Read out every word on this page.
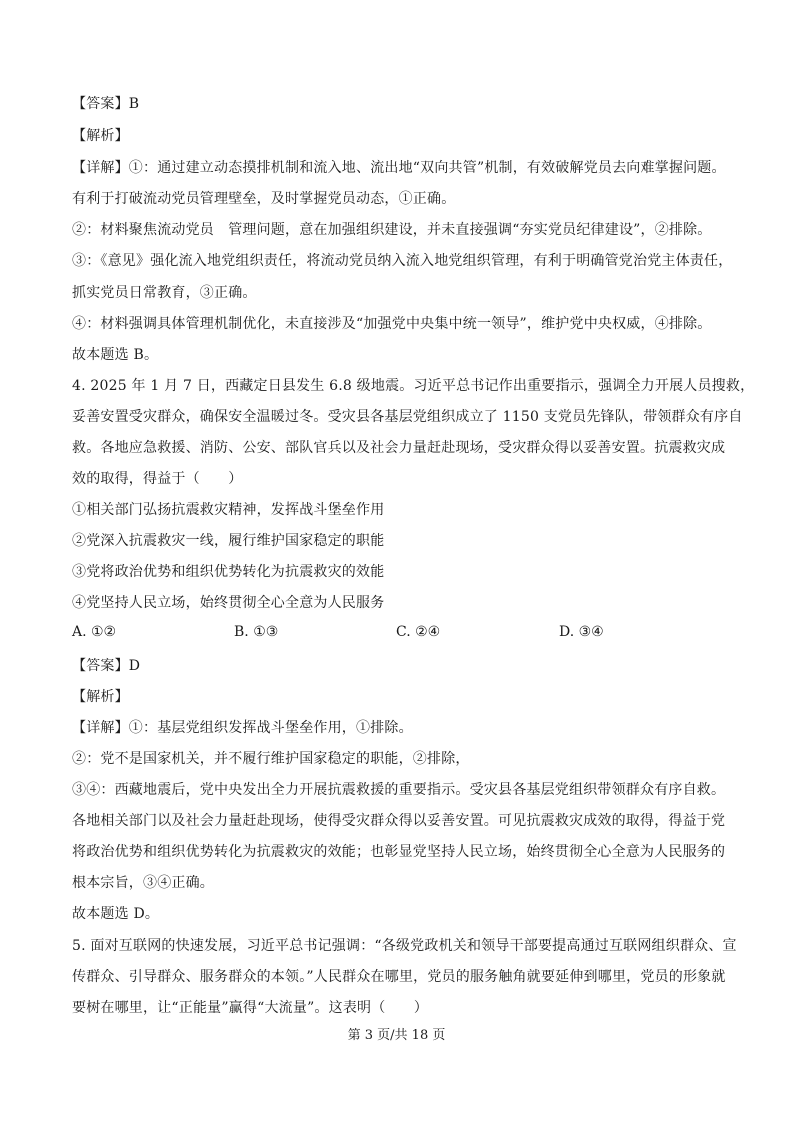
【答案】B
【解析】
【详解】①：通过建立动态摸排机制和流入地、流出地“双向共管”机制，有效破解党员去向难掌握问题。
有利于打破流动党员管理壁垒，及时掌握党员动态，①正确。
②：材料聚焦流动党员　管理问题，意在加强组织建设，并未直接强调“夯实党员纪律建设”，②排除。
③：《意见》强化流入地党组织责任，将流动党员纳入流入地党组织管理，有利于明确管党治党主体责任，
抓实党员日常教育，③正确。
④：材料强调具体管理机制优化，未直接涉及“加强党中央集中统一领导”，维护党中央权威，④排除。
故本题选 B。
4. 2025 年 1 月 7 日，西藏定日县发生 6.8 级地震。习近平总书记作出重要指示，强调全力开展人员搜救，
妥善安置受灾群众，确保安全温暖过冬。受灾县各基层党组织成立了 1150 支党员先锋队，带领群众有序自
救。各地应急救援、消防、公安、部队官兵以及社会力量赶赴现场，受灾群众得以妥善安置。抗震救灾成
效的取得，得益于（　　）
①相关部门弘扬抗震救灾精神，发挥战斗堡垒作用
②党深入抗震救灾一线，履行维护国家稳定的职能
③党将政治优势和组织优势转化为抗震救灾的效能
④党坚持人民立场，始终贯彻全心全意为人民服务
A. ①②	B. ①③	C. ②④	D. ③④
【答案】D
【解析】
【详解】①：基层党组织发挥战斗堡垒作用，①排除。
②：党不是国家机关，并不履行维护国家稳定的职能，②排除，
③④：西藏地震后，党中央发出全力开展抗震救援的重要指示。受灾县各基层党组织带领群众有序自救。
各地相关部门以及社会力量赶赴现场，使得受灾群众得以妥善安置。可见抗震救灾成效的取得，得益于党
将政治优势和组织优势转化为抗震救灾的效能；也彰显党坚持人民立场，始终贯彻全心全意为人民服务的
根本宗旨，③④正确。
故本题选 D。
5. 面对互联网的快速发展，习近平总书记强调：“各级党政机关和领导干部要提高通过互联网组织群众、宣
传群众、引导群众、服务群众的本领。”人民群众在哪里，党员的服务触角就要延伸到哪里，党员的形象就
要树在哪里，让“正能量”赢得“大流量”。这表明（　　）
第 3 页/共 18 页
